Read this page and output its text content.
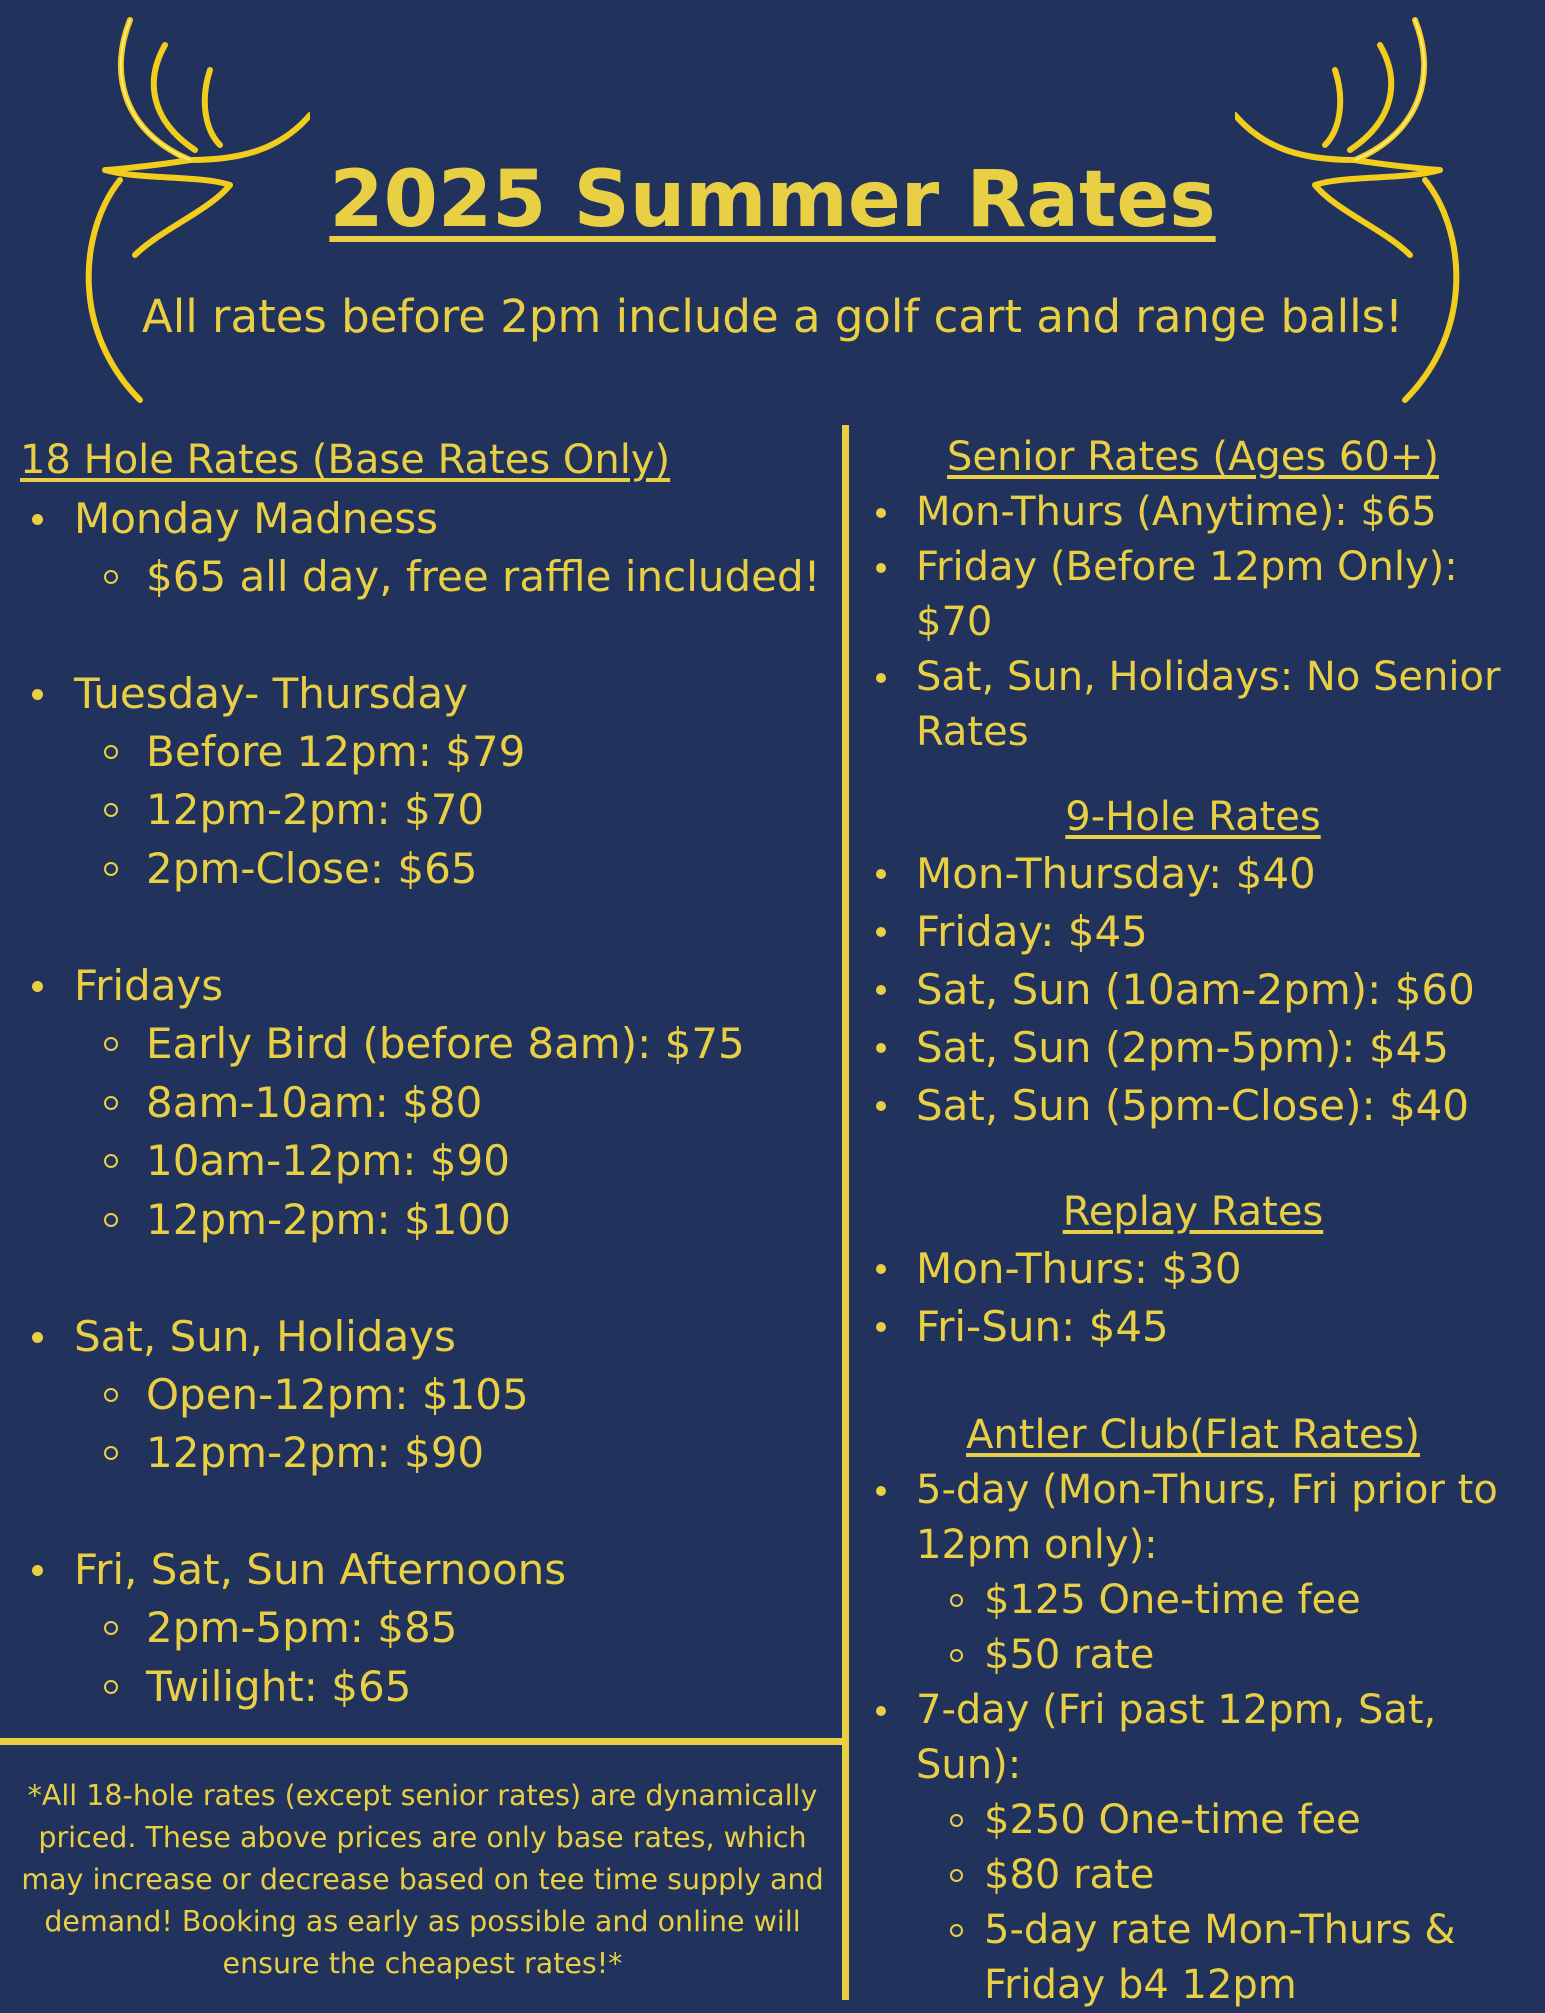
2025 Summer Rates

All rates before 2pm include a golf cart and range balls!

18 Hole Rates (Base Rates Only)
Monday Madness
$65 all day, free raffle included!
Tuesday- Thursday
Before 12pm: $79
12pm-2pm: $70
2pm-Close: $65
Fridays
Early Bird (before 8am): $75
8am-10am: $80
10am-12pm: $90
12pm-2pm: $100
Sat, Sun, Holidays
Open-12pm: $105
12pm-2pm: $90
Fri, Sat, Sun Afternoons
2pm-5pm: $85
Twilight: $65

*All 18-hole rates (except senior rates) are dynamically priced. These above prices are only base rates, which may increase or decrease based on tee time supply and demand! Booking as early as possible and online will ensure the cheapest rates!*

Senior Rates (Ages 60+)
Mon-Thurs (Anytime): $65
Friday (Before 12pm Only): $70
Sat, Sun, Holidays: No Senior Rates
9-Hole Rates
Mon-Thursday: $40
Friday: $45
Sat, Sun (10am-2pm): $60
Sat, Sun (2pm-5pm): $45
Sat, Sun (5pm-Close): $40
Replay Rates
Mon-Thurs: $30
Fri-Sun: $45
Antler Club(Flat Rates)
5-day (Mon-Thurs, Fri prior to 12pm only):
$125 One-time fee
$50 rate
7-day (Fri past 12pm, Sat, Sun):
$250 One-time fee
$80 rate
5-day rate Mon-Thurs & Friday b4 12pm
